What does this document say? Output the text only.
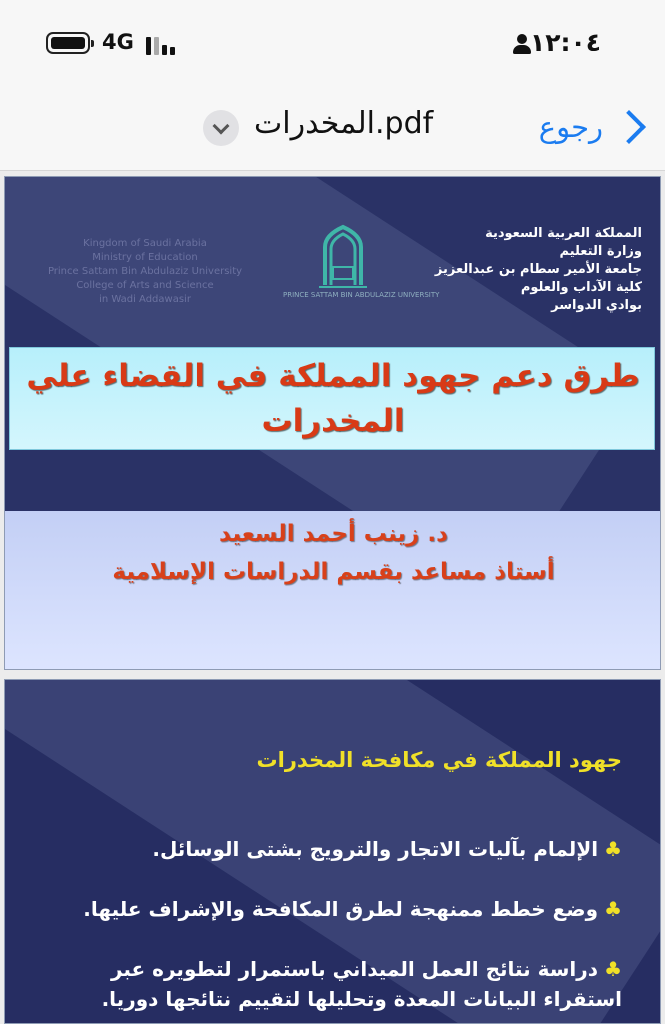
4G	١٢:٠٤
رجوع
المخدرات.pdf
Kingdom of Saudi Arabia
Ministry of Education
Prince Sattam Bin Abdulaziz University
College of Arts and Science
in Wadi Addawasir	PRINCE SATTAM BIN ABDULAZIZ UNIVERSITY
المملكة العربية السعودية
وزارة التعليم
جامعة الأمير سطام بن عبدالعزيز
كلية الآداب والعلوم
بوادي الدواسر
طرق دعم جهود المملكة في القضاء علي المخدرات
د. زينب أحمد السعيد
أستاذ مساعد بقسم الدراسات الإسلامية
جهود المملكة في مكافحة المخدرات
♣الإلمام بآليات الاتجار والترويج بشتى الوسائل.
♣وضع خطط ممنهجة لطرق المكافحة والإشراف عليها.
♣دراسة نتائج العمل الميداني باستمرار لتطويره عبر استقراء البيانات المعدة وتحليلها لتقييم نتائجها دوريا.
